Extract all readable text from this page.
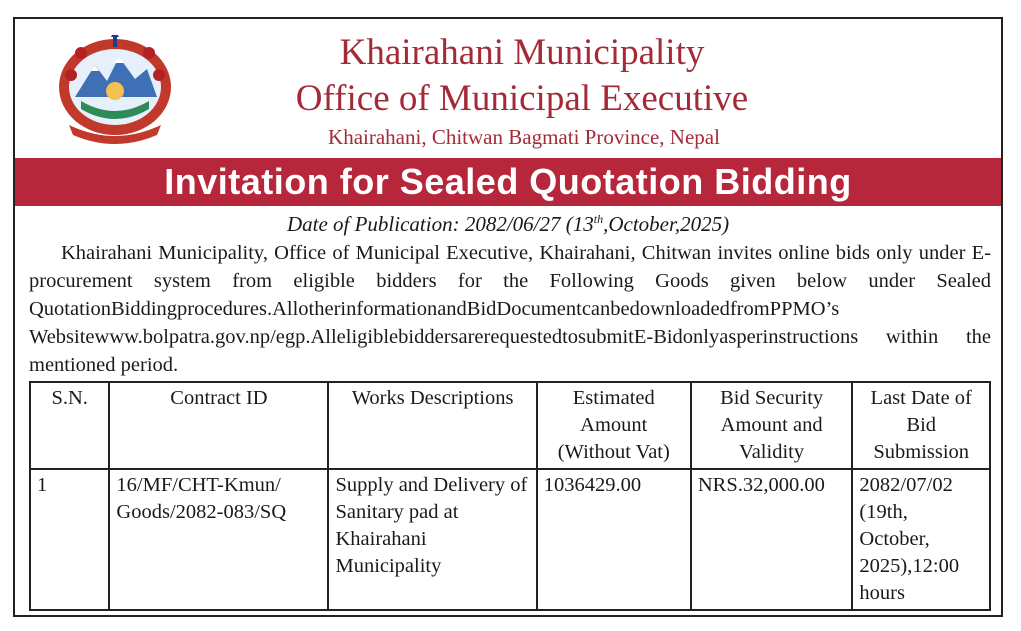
Khairahani Municipality
Office of Municipal Executive
Khairahani, Chitwan Bagmati Province, Nepal
Invitation for Sealed Quotation Bidding
Date of Publication: 2082/06/27 (13th,October,2025)

Khairahani Municipality, Office of Municipal Executive, Khairahani, Chitwan invites online bids only under E-procurement system from eligible bidders for the Following Goods given below under Sealed QuotationBiddingprocedures.AllotherinformationandBidDocumentcanbedownloadedfromPPMO’s Websitewww.bolpatra.gov.np/egp.AlleligiblebiddersarerequestedtosubmitE-Bidonlyasperinstructions within the mentioned period.

S.N.	Contract ID	Works Descriptions	Estimated Amount (Without Vat)	Bid Security Amount and Validity	Last Date of Bid Submission
1	16/MF/CHT-Kmun/ Goods/2082-083/SQ	Supply and Delivery of Sanitary pad at Khairahani Municipality	1036429.00	NRS.32,000.00	2082/07/02 (19th, October, 2025),12:00 hours
